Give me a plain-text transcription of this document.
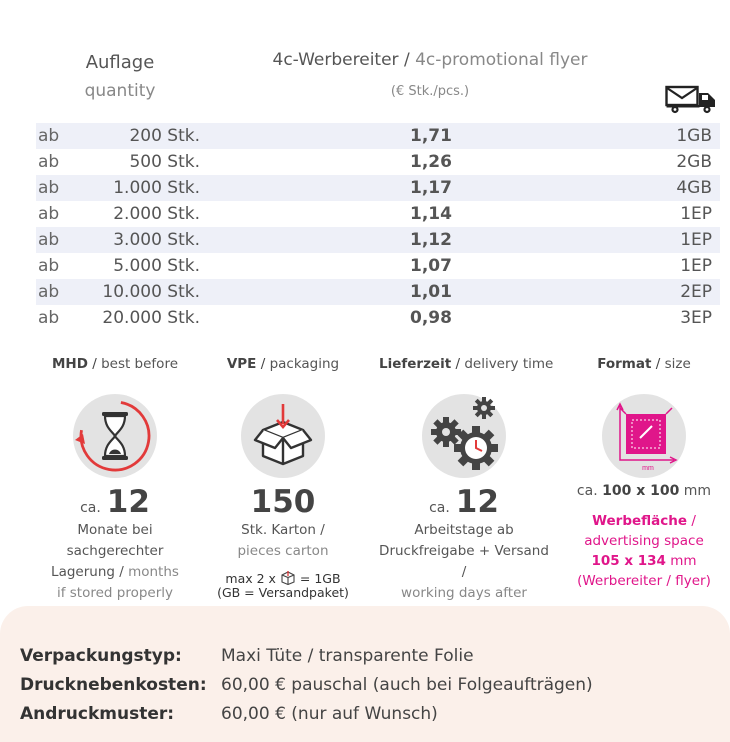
Auflage
quantity
4c-Werbereiter / 4c-promotional flyer
(€ Stk./pcs.)
ab	200 Stk.	1,71	1GB
ab	500 Stk.	1,26	2GB
ab	1.000 Stk.	1,17	4GB
ab	2.000 Stk.	1,14	1EP
ab	3.000 Stk.	1,12	1EP
ab	5.000 Stk.	1,07	1EP
ab	10.000 Stk.	1,01	2EP
ab	20.000 Stk.	0,98	3EP
MHD / best before
ca. 12
Monate bei
sachgerechter
Lagerung / months
if stored properly
VPE / packaging
150
Stk. Karton /
pieces carton
max 2 x = 1GB
(GB = Versandpaket)
Lieferzeit / delivery time
ca. 12
Arbeitstage ab
Druckfreigabe + Versand /
working days after
Format / size
mm
ca. 100 x 100 mm
Werbefläche /
advertising space
105 x 134 mm
(Werbereiter / flyer)
Verpackungstyp: Maxi Tüte / transparente Folie
Drucknebenkosten: 60,00 € pauschal (auch bei Folgeaufträgen)
Andruckmuster:	60,00 € (nur auf Wunsch)
